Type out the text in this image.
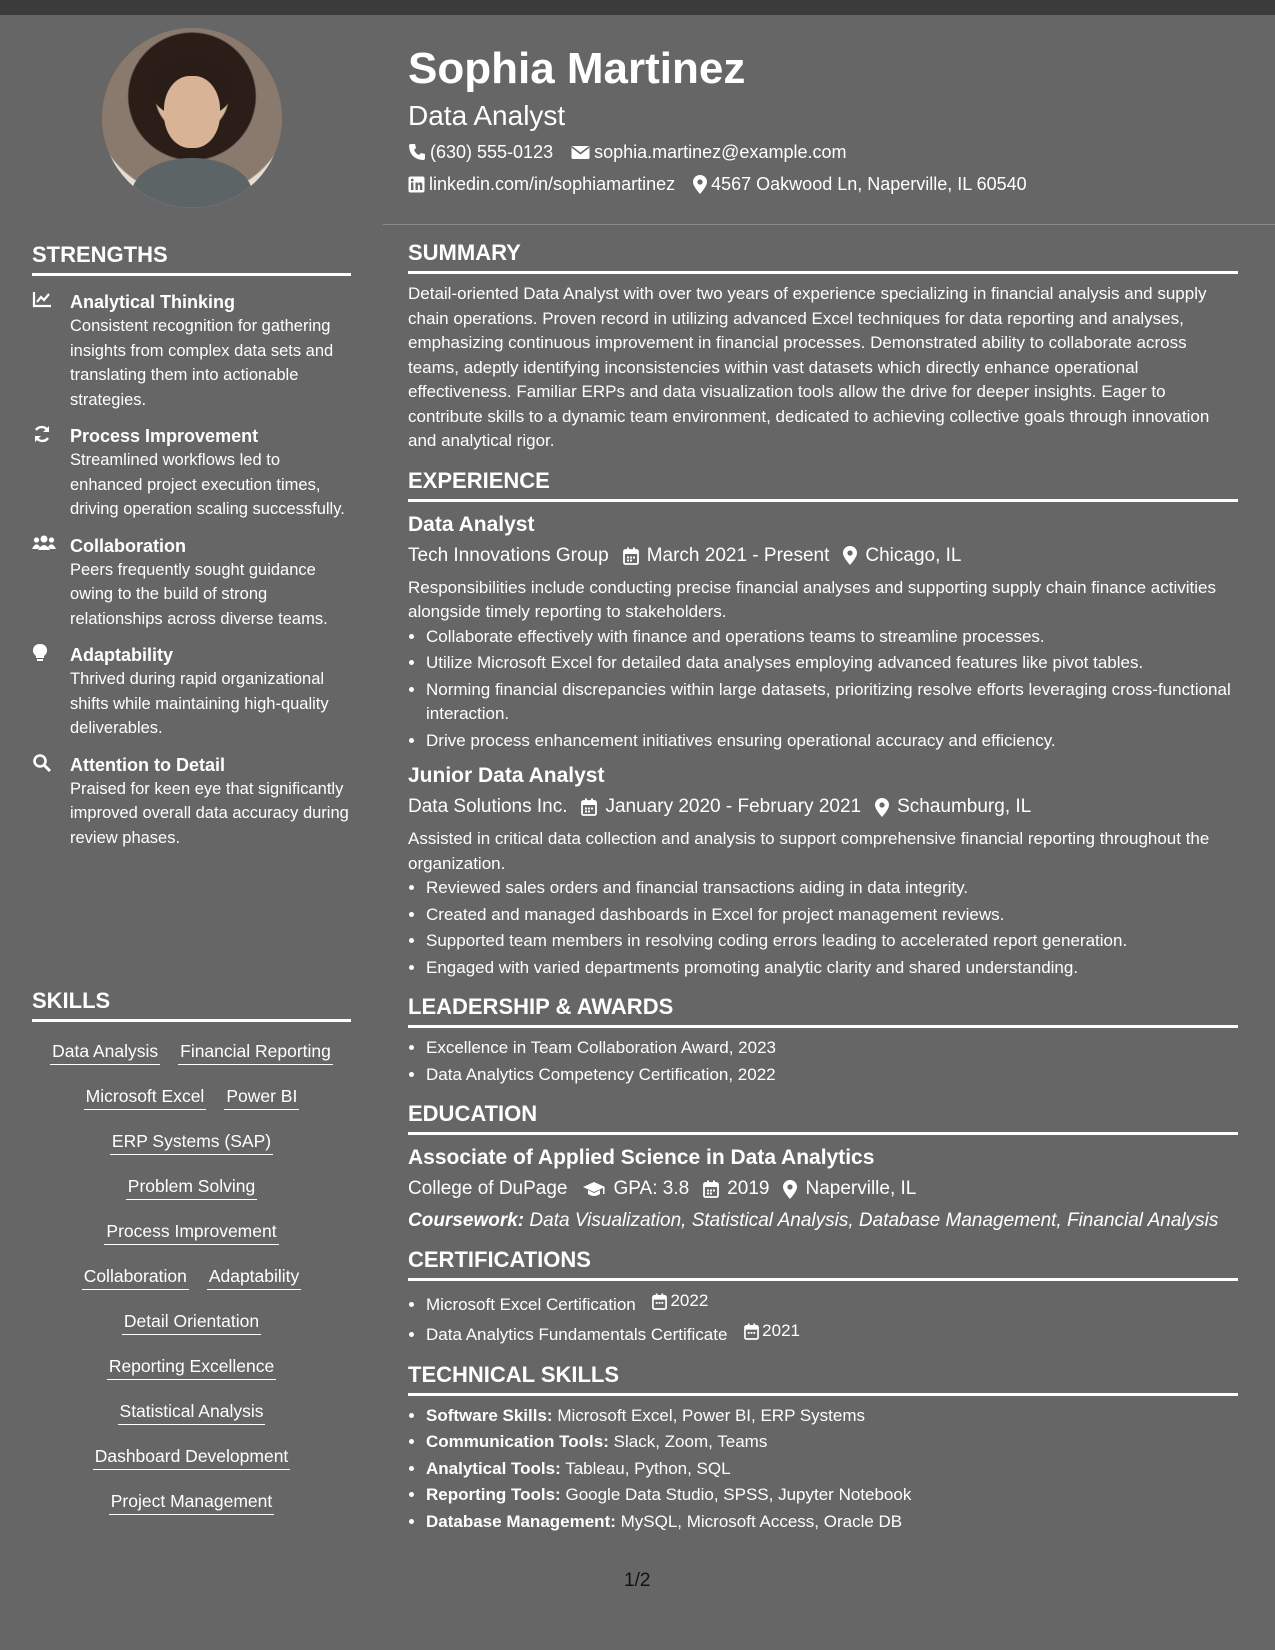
STRENGTHS
Analytical Thinking
Consistent recognition for gathering insights from complex data sets and translating them into actionable strategies.
Process Improvement
Streamlined workflows led to enhanced project execution times, driving operation scaling successfully.
Collaboration
Peers frequently sought guidance owing to the build of strong relationships across diverse teams.
Adaptability
Thrived during rapid organizational shifts while maintaining high-quality deliverables.
Attention to Detail
Praised for keen eye that significantly improved overall data accuracy during review phases.
SKILLS
Data Analysis Financial Reporting
Microsoft Excel Power BI
ERP Systems (SAP)
Problem Solving
Process Improvement
Collaboration Adaptability
Detail Orientation
Reporting Excellence
Statistical Analysis
Dashboard Development
Project Management
Sophia Martinez
Data Analyst
(630) 555-0123 sophia.martinez@example.com
linkedin.com/in/sophiamartinez 4567 Oakwood Ln, Naperville, IL 60540
SUMMARY

Detail-oriented Data Analyst with over two years of experience specializing in financial analysis and supply chain operations. Proven record in utilizing advanced Excel techniques for data reporting and analyses, emphasizing continuous improvement in financial processes. Demonstrated ability to collaborate across teams, adeptly identifying inconsistencies within vast datasets which directly enhance operational effectiveness. Familiar ERPs and data visualization tools allow the drive for deeper insights. Eager to contribute skills to a dynamic team environment, dedicated to achieving collective goals through innovation and analytical rigor.

EXPERIENCE
Data Analyst
Tech Innovations Group March 2021 - Present Chicago, IL

Responsibilities include conducting precise financial analyses and supporting supply chain finance activities alongside timely reporting to stakeholders.

• Collaborate effectively with finance and operations teams to streamline processes.
• Utilize Microsoft Excel for detailed data analyses employing advanced features like pivot tables.
• Norming financial discrepancies within large datasets, prioritizing resolve efforts leveraging cross-functional interaction.
• Drive process enhancement initiatives ensuring operational accuracy and efficiency.
Junior Data Analyst
Data Solutions Inc. January 2020 - February 2021 Schaumburg, IL

Assisted in critical data collection and analysis to support comprehensive financial reporting throughout the organization.

• Reviewed sales orders and financial transactions aiding in data integrity.
• Created and managed dashboards in Excel for project management reviews.
• Supported team members in resolving coding errors leading to accelerated report generation.
• Engaged with varied departments promoting analytic clarity and shared understanding.
LEADERSHIP & AWARDS
• Excellence in Team Collaboration Award, 2023
• Data Analytics Competency Certification, 2022
EDUCATION
Associate of Applied Science in Data Analytics
College of DuPage GPA: 3.8 2019 Naperville, IL
Coursework: Data Visualization, Statistical Analysis, Database Management, Financial Analysis
CERTIFICATIONS
• Microsoft Excel Certification 2022
• Data Analytics Fundamentals Certificate 2021
TECHNICAL SKILLS
• Software Skills: Microsoft Excel, Power BI, ERP Systems
• Communication Tools: Slack, Zoom, Teams
• Analytical Tools: Tableau, Python, SQL
• Reporting Tools: Google Data Studio, SPSS, Jupyter Notebook
• Database Management: MySQL, Microsoft Access, Oracle DB
1/2
